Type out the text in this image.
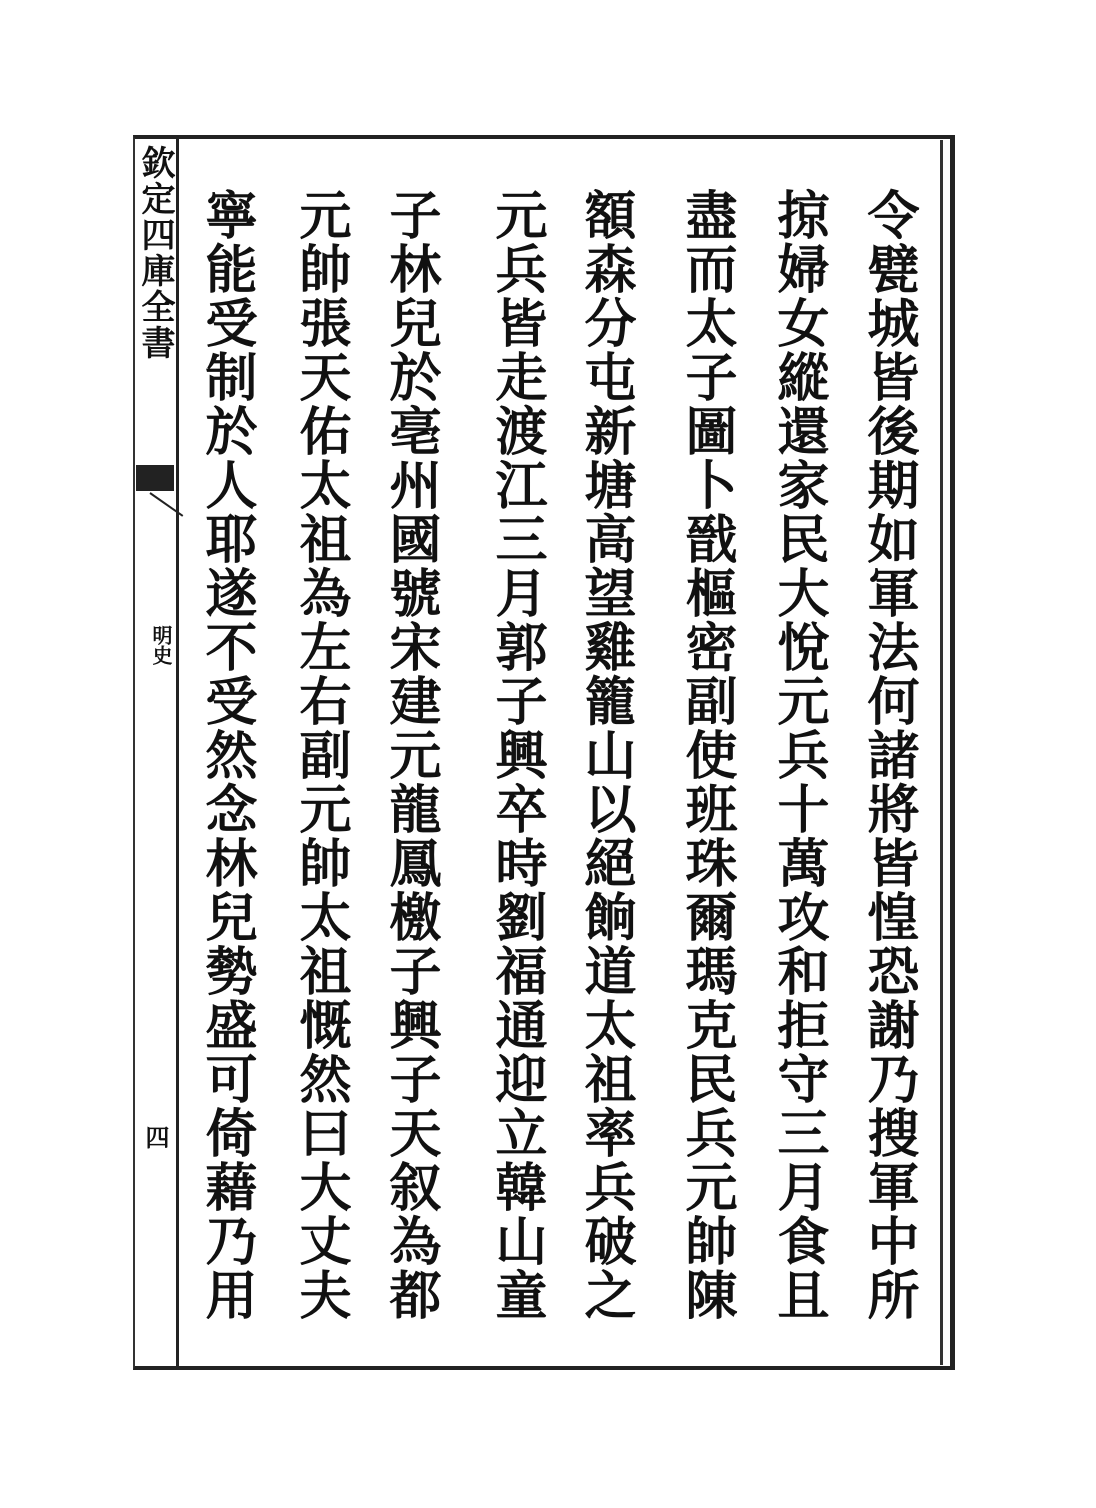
欽定四庫全書
明史
四	令甓城皆後期如軍法何諸將皆惶恐謝乃搜軍中所
掠婦女縱還家民大悅元兵十萬攻和拒守三月食且
盡而太子圖卜戩樞密副使班珠爾瑪克民兵元帥陳
額森分屯新塘高望雞籠山以絕餉道太祖率兵破之
元兵皆走渡江三月郭子興卒時劉福通迎立韓山童
子林兒於亳州國號宋建元龍鳳檄子興子天叙為都
元帥張天佑太祖為左右副元帥太祖慨然曰大丈夫
寧能受制於人耶遂不受然念林兒勢盛可倚藉乃用
